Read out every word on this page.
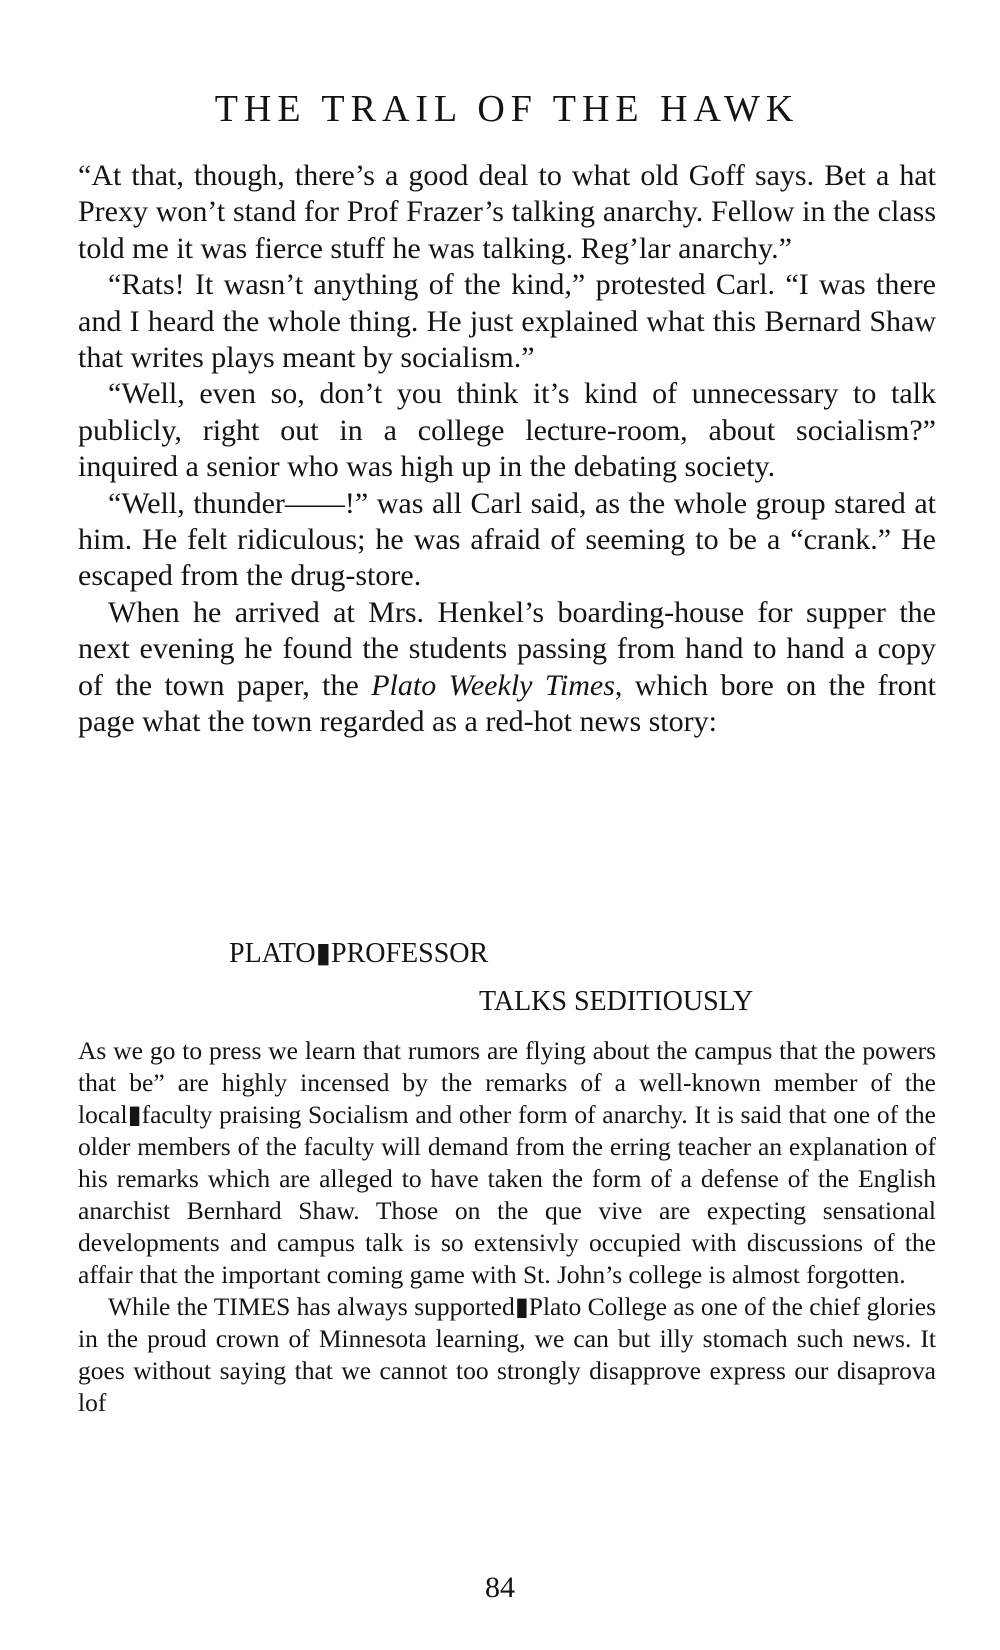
THE TRAIL OF THE HAWK

“At that, though, there’s a good deal to what old Goff says. Bet a hat Prexy won’t stand for Prof Frazer’s talking anarchy. Fellow in the class told me it was fierce stuff he was talking. Reg’lar anarchy.”

“Rats! It wasn’t anything of the kind,” protested Carl. “I was there and I heard the whole thing. He just explained what this Bernard Shaw that writes plays meant by socialism.”

“Well, even so, don’t you think it’s kind of unnecessary to talk publicly, right out in a college lecture-room, about socialism?” inquired a senior who was high up in the debating society.

“Well, thunder——!” was all Carl said, as the whole group stared at him. He felt ridiculous; he was afraid of seeming to be a “crank.” He escaped from the drug-store.

When he arrived at Mrs. Henkel’s boarding-house for supper the next evening he found the students passing from hand to hand a copy of the town paper, the Plato Weekly Times, which bore on the front page what the town regarded as a red-hot news story:

PLATO▮PROFESSOR
TALKS SEDITIOUSLY

As we go to press we learn that rumors are flying about the campus that the powers that be” are highly incensed by the remarks of a well-known member of the local▮faculty praising Socialism and other form of anarchy. It is said that one of the older members of the faculty will demand from the erring teacher an explanation of his remarks which are alleged to have taken the form of a defense of the English anarchist Bernhard Shaw. Those on the que vive are expecting sensational developments and campus talk is so extensivly occupied with discussions of the affair that the important coming game with St. John’s college is almost forgotten.

While the TIMES has always supported▮Plato College as one of the chief glories in the proud crown of Minnesota learning, we can but illy stomach such news. It goes without saying that we cannot too strongly disapprove express our disaprova lof

84
